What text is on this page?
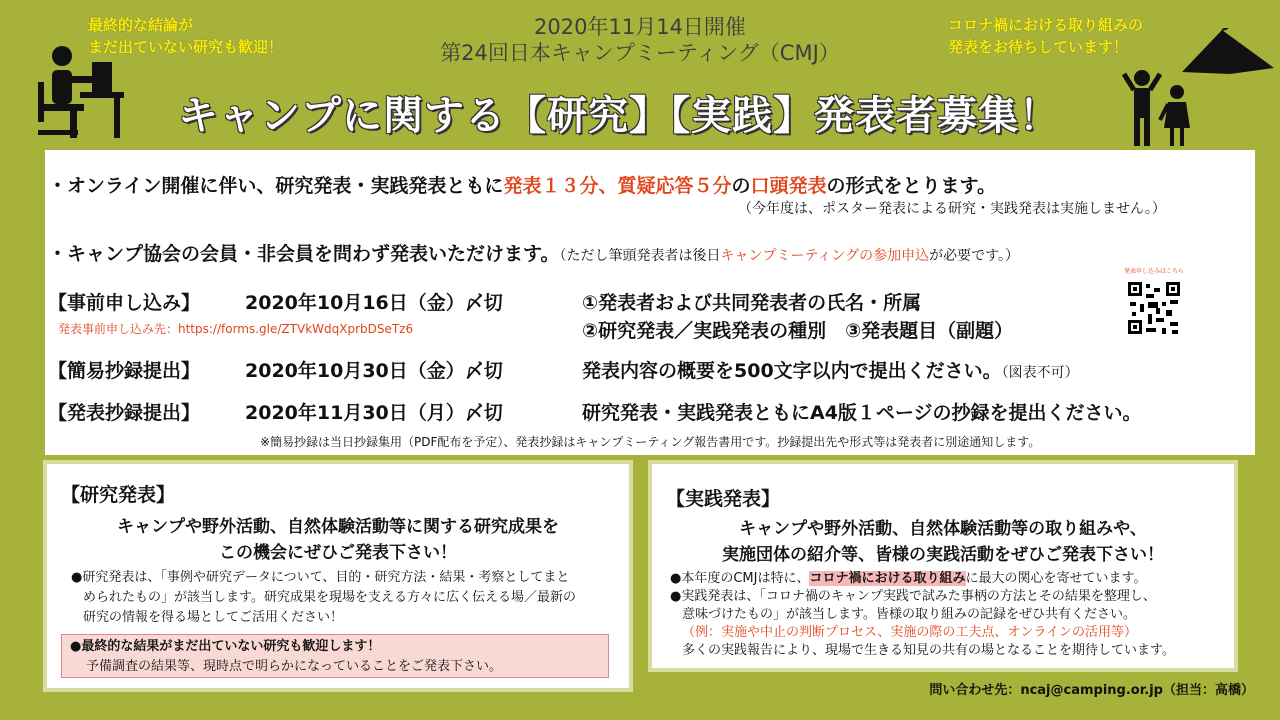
最終的な結論が
まだ出ていない研究も歓迎！
コロナ禍における取り組みの
発表をお待ちしています！
2020年11月14日開催
第24回日本キャンプミーティング（CMJ）
キャンプに関する【研究】【実践】発表者募集！
・オンライン開催に伴い、研究発表・実践発表ともに発表１３分、質疑応答５分の口頭発表の形式をとります。
（今年度は、ポスター発表による研究・実践発表は実施しません。）
・キャンプ協会の会員・非会員を問わず発表いただけます。（ただし筆頭発表者は後日キャンプミーティングの参加申込が必要です。）
【事前申し込み】 2020年10月16日（金）〆切	①発表者および共同発表者の氏名・所属
発表事前申し込み先：https://forms.gle/ZTVkWdqXprbDSeTz6	②研究発表／実践発表の種別　③発表題目（副題）
【簡易抄録提出】 2020年10月30日（金）〆切	発表内容の概要を500文字以内で提出ください。（図表不可）
【発表抄録提出】 2020年11月30日（月）〆切	研究発表・実践発表ともにA4版１ページの抄録を提出ください。
※簡易抄録は当日抄録集用（PDF配布を予定）、発表抄録はキャンプミーティング報告書用です。抄録提出先や形式等は発表者に別途通知します。
発表申し込みはこちら
【研究発表】
キャンプや野外活動、自然体験活動等に関する研究成果を
この機会にぜひご発表下さい！
●研究発表は、「事例や研究データについて、目的・研究方法・結果・考察としてまと
められたもの」が該当します。研究成果を現場を支える方々に広く伝える場／最新の
研究の情報を得る場としてご活用ください！
●最終的な結果がまだ出ていない研究も歓迎します！
予備調査の結果等、現時点で明らかになっていることをご発表下さい。
【実践発表】
キャンプや野外活動、自然体験活動等の取り組みや、
実施団体の紹介等、皆様の実践活動をぜひご発表下さい！
●本年度のCMJは特に、コロナ禍における取り組みに最大の関心を寄せています。
●実践発表は、「コロナ禍のキャンプ実践で試みた事柄の方法とその結果を整理し、
意味づけたもの」が該当します。皆様の取り組みの記録をぜひ共有ください。
（例：実施や中止の判断プロセス、実施の際の工夫点、オンラインの活用等）
多くの実践報告により、現場で生きる知見の共有の場となることを期待しています。
問い合わせ先：ncaj@camping.or.jp（担当：高橋）
